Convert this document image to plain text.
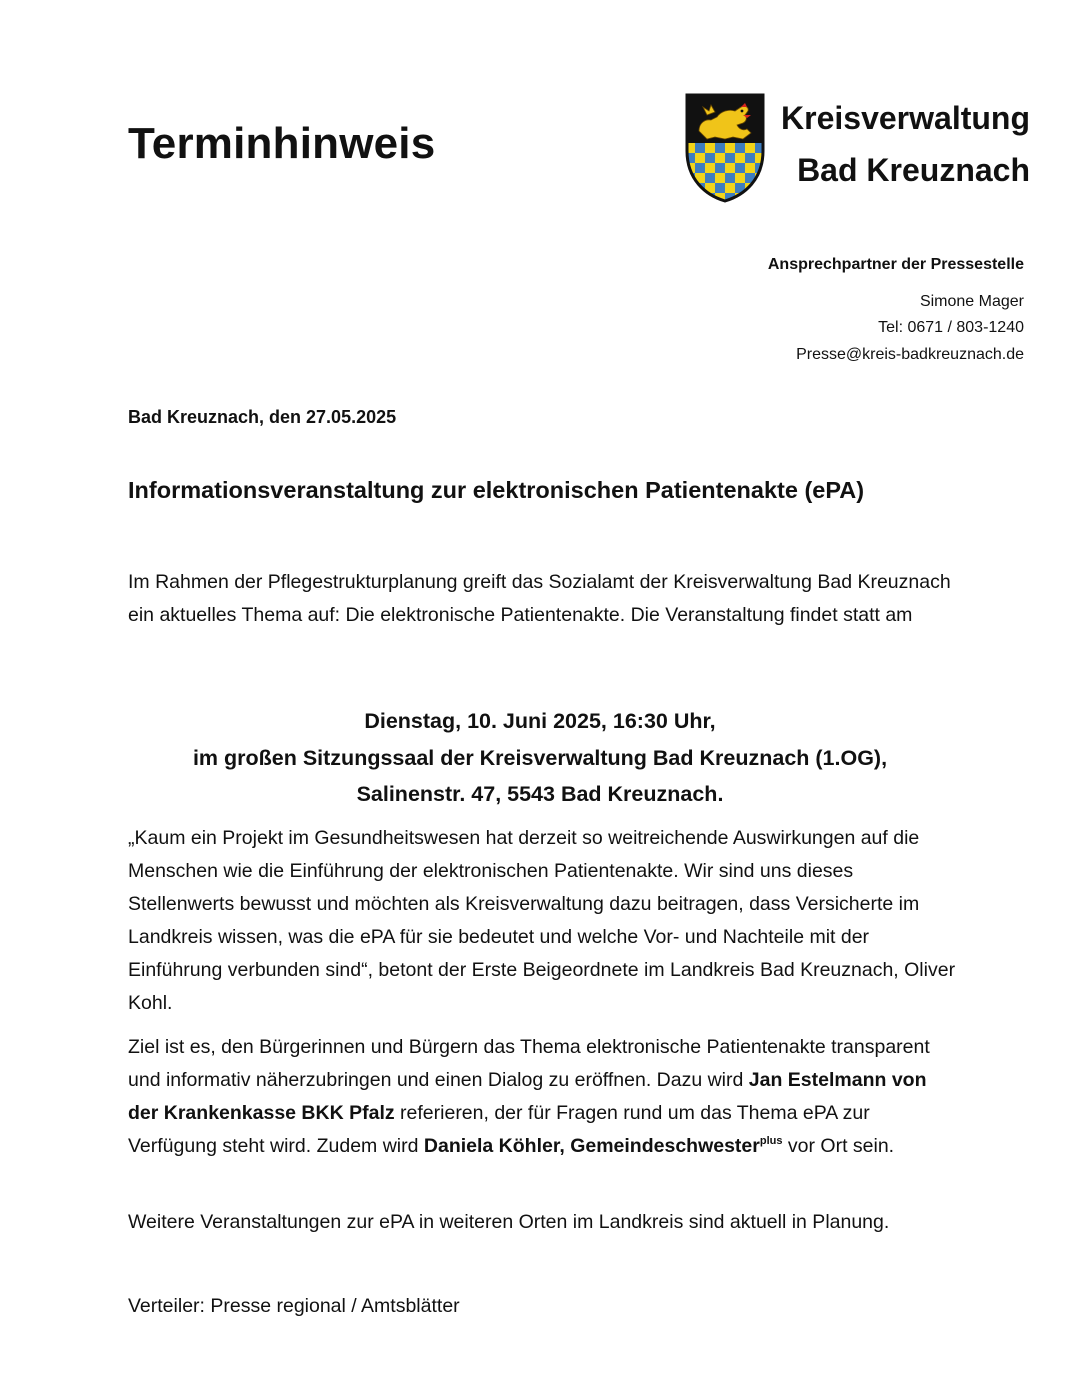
Terminhinweis
Kreisverwaltung
Bad Kreuznach
Ansprechpartner der Pressestelle
Simone Mager
Tel: 0671 / 803-1240
Presse@kreis-badkreuznach.de
Bad Kreuznach, den 27.05.2025
Informationsveranstaltung zur elektronischen Patientenakte (ePA)

Im Rahmen der Pflegestrukturplanung greift das Sozialamt der Kreisverwaltung Bad Kreuznach ein aktuelles Thema auf: Die elektronische Patientenakte. Die Veranstaltung findet statt am

Dienstag, 10. Juni 2025, 16:30 Uhr,
im großen Sitzungssaal der Kreisverwaltung Bad Kreuznach (1.OG),
Salinenstr. 47, 5543 Bad Kreuznach.

„Kaum ein Projekt im Gesundheitswesen hat derzeit so weitreichende Auswirkungen auf die Menschen wie die Einführung der elektronischen Patientenakte. Wir sind uns dieses Stellenwerts bewusst und möchten als Kreisverwaltung dazu beitragen, dass Versicherte im Landkreis wissen, was die ePA für sie bedeutet und welche Vor- und Nachteile mit der Einführung verbunden sind“, betont der Erste Beigeordnete im Landkreis Bad Kreuznach, Oliver Kohl.

Ziel ist es, den Bürgerinnen und Bürgern das Thema elektronische Patientenakte transparent und informativ näherzubringen und einen Dialog zu eröffnen. Dazu wird Jan Estelmann von der Krankenkasse BKK Pfalz referieren, der für Fragen rund um das Thema ePA zur Verfügung steht wird. Zudem wird Daniela Köhler, Gemeindeschwester$^{plus}$ vor Ort sein.

Weitere Veranstaltungen zur ePA in weiteren Orten im Landkreis sind aktuell in Planung.

Verteiler: Presse regional / Amtsblätter
